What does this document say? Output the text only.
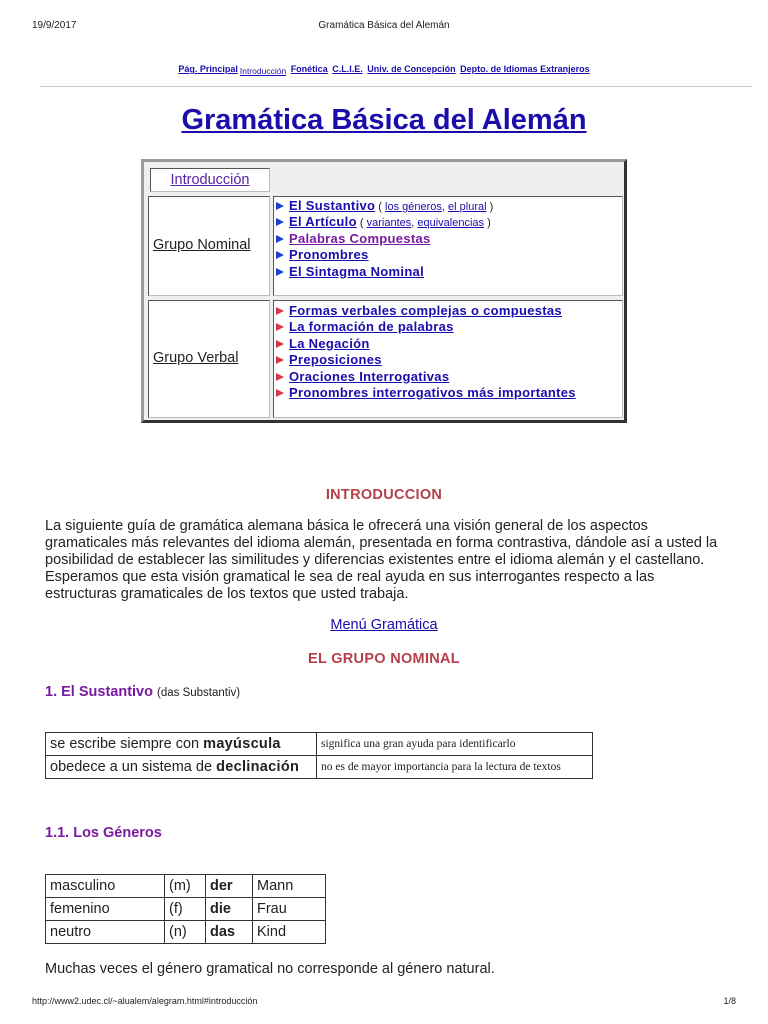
19/9/2017	Gramática Básica del Alemán
Pág. Principal Introducción Fonética C.L.I.E. Univ. de Concepción Depto. de Idiomas Extranjeros
Gramática Básica del Alemán
Introducción
Grupo Nominal
El Sustantivo ( los géneros, el plural )
El Artículo ( variantes, equivalencias )
Palabras Compuestas
Pronombres
El Sintagma Nominal
Grupo Verbal
Formas verbales complejas o compuestas
La formación de palabras
La Negación
Preposiciones
Oraciones Interrogativas
Pronombres interrogativos más importantes
INTRODUCCION
La siguiente guía de gramática alemana básica le ofrecerá una visión general de los aspectos gramaticales más relevantes del idioma alemán, presentada en forma contrastiva, dándole así a usted la posibilidad de establecer las similitudes y diferencias existentes entre el idioma alemán y el castellano. Esperamos que esta visión gramatical le sea de real ayuda en sus interrogantes respecto a las estructuras gramaticales de los textos que usted trabaja.
Menú Gramática
EL GRUPO NOMINAL
1. El Sustantivo (das Substantiv)
se escribe siempre con mayúscula	significa una gran ayuda para identificarlo
obedece a un sistema de declinación	no es de mayor importancia para la lectura de textos
1.1. Los Géneros
masculino	(m)	der	Mann
femenino	(f)	die	Frau
neutro	(n)	das	Kind
Muchas veces el género gramatical no corresponde al género natural.
http://www2.udec.cl/~alualem/alegram.html#introducción	1/8
